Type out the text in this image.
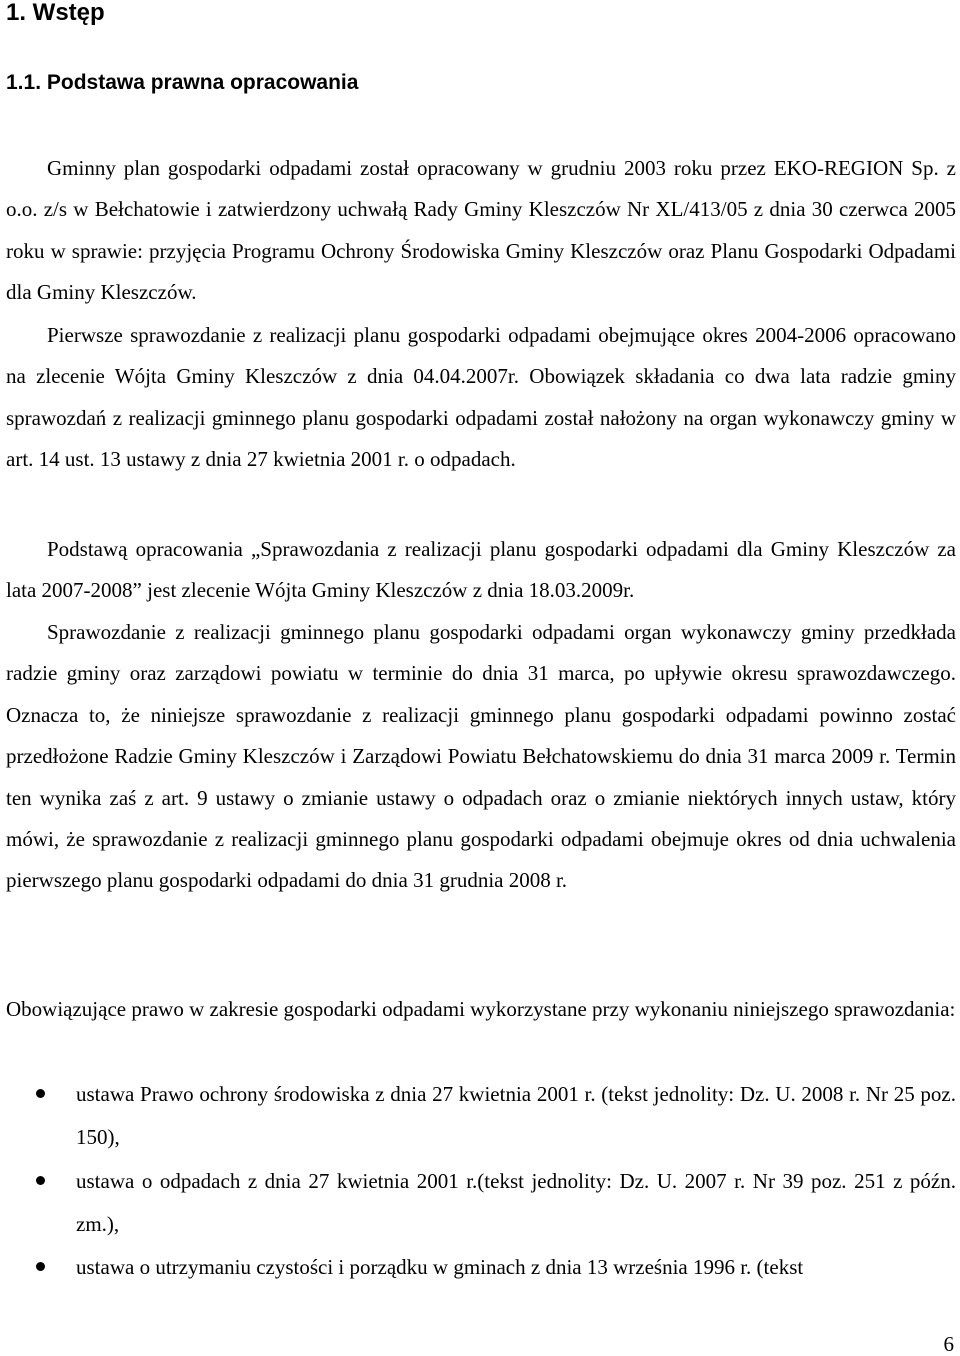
1. Wstęp
1.1. Podstawa prawna opracowania

Gminny plan gospodarki odpadami został opracowany w grudniu 2003 roku przez EKO-REGION Sp. z o.o. z/s w Bełchatowie i zatwierdzony uchwałą Rady Gminy Kleszczów Nr XL/413/05 z dnia 30 czerwca 2005 roku w sprawie: przyjęcia Programu Ochrony Środowiska Gminy Kleszczów oraz Planu Gospodarki Odpadami dla Gminy Kleszczów.

Pierwsze sprawozdanie z realizacji planu gospodarki odpadami obejmujące okres 2004-2006 opracowano na zlecenie Wójta Gminy Kleszczów z dnia 04.04.2007r. Obowiązek składania co dwa lata radzie gminy sprawozdań z realizacji gminnego planu gospodarki odpadami został nałożony na organ wykonawczy gminy w art. 14 ust. 13 ustawy z dnia 27 kwietnia 2001 r. o odpadach.

Podstawą opracowania „Sprawozdania z realizacji planu gospodarki odpadami dla Gminy Kleszczów za lata 2007-2008” jest zlecenie Wójta Gminy Kleszczów z dnia 18.03.2009r.

Sprawozdanie z realizacji gminnego planu gospodarki odpadami organ wykonawczy gminy przedkłada radzie gminy oraz zarządowi powiatu w terminie do dnia 31 marca, po upływie okresu sprawozdawczego. Oznacza to, że niniejsze sprawozdanie z realizacji gminnego planu gospodarki odpadami powinno zostać przedłożone Radzie Gminy Kleszczów i Zarządowi Powiatu Bełchatowskiemu do dnia 31 marca 2009 r. Termin ten wynika zaś z art. 9 ustawy o zmianie ustawy o odpadach oraz o zmianie niektórych innych ustaw, który mówi, że sprawozdanie z realizacji gminnego planu gospodarki odpadami obejmuje okres od dnia uchwalenia pierwszego planu gospodarki odpadami do dnia 31 grudnia 2008 r.

Obowiązujące prawo w zakresie gospodarki odpadami wykorzystane przy wykonaniu niniejszego sprawozdania:

ustawa Prawo ochrony środowiska z dnia 27 kwietnia 2001 r. (tekst jednolity: Dz. U. 2008 r. Nr 25 poz. 150),
ustawa o odpadach z dnia 27 kwietnia 2001 r.(tekst jednolity: Dz. U. 2007 r. Nr 39 poz. 251 z późn. zm.),
ustawa o utrzymaniu czystości i porządku w gminach z dnia 13 września 1996 r. (tekst
6
